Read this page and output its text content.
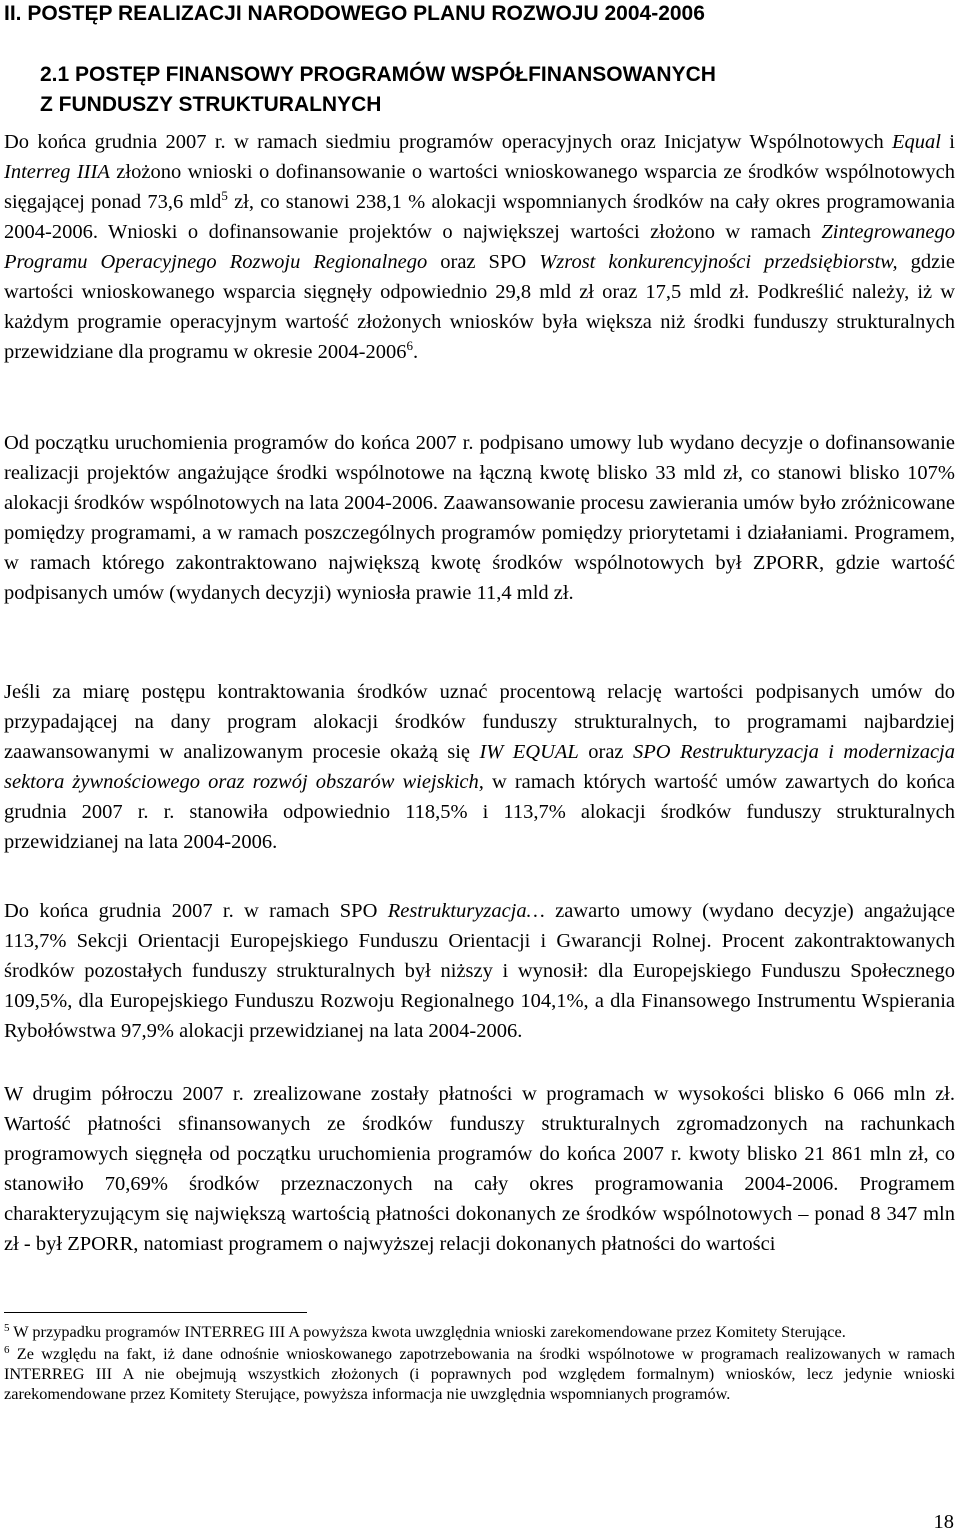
II. POSTĘP REALIZACJI NARODOWEGO PLANU ROZWOJU 2004-2006
2.1 POSTĘP FINANSOWY PROGRAMÓW WSPÓŁFINANSOWANYCH
Z FUNDUSZY STRUKTURALNYCH

Do końca grudnia 2007 r. w ramach siedmiu programów operacyjnych oraz Inicjatyw Wspólnotowych Equal i Interreg IIIA złożono wnioski o dofinansowanie o wartości wnioskowanego wsparcia ze środków wspólnotowych sięgającej ponad 73,6 mld$^5$ zł, co stanowi 238,1 % alokacji wspomnianych środków na cały okres programowania 2004-2006. Wnioski o dofinansowanie projektów o największej wartości złożono w ramach Zintegrowanego Programu Operacyjnego Rozwoju Regionalnego oraz SPO Wzrost konkurencyjności przedsiębiorstw, gdzie wartości wnioskowanego wsparcia sięgnęły odpowiednio 29,8 mld zł oraz 17,5 mld zł. Podkreślić należy, iż w każdym programie operacyjnym wartość złożonych wniosków była większa niż środki funduszy strukturalnych przewidziane dla programu w okresie 2004-2006$^6$.

Od początku uruchomienia programów do końca 2007 r. podpisano umowy lub wydano decyzje o dofinansowanie realizacji projektów angażujące środki wspólnotowe na łączną kwotę blisko 33 mld zł, co stanowi blisko 107% alokacji środków wspólnotowych na lata 2004-2006. Zaawansowanie procesu zawierania umów było zróżnicowane pomiędzy programami, a w ramach poszczególnych programów pomiędzy priorytetami i działaniami. Programem, w ramach którego zakontraktowano największą kwotę środków wspólnotowych był ZPORR, gdzie wartość podpisanych umów (wydanych decyzji) wyniosła prawie 11,4 mld zł.

Jeśli za miarę postępu kontraktowania środków uznać procentową relację wartości podpisanych umów do przypadającej na dany program alokacji środków funduszy strukturalnych, to programami najbardziej zaawansowanymi w analizowanym procesie okażą się IW EQUAL oraz SPO Restrukturyzacja i modernizacja sektora żywnościowego oraz rozwój obszarów wiejskich, w ramach których wartość umów zawartych do końca grudnia 2007 r. r. stanowiła odpowiednio 118,5% i 113,7% alokacji środków funduszy strukturalnych przewidzianej na lata 2004-2006.

Do końca grudnia 2007 r. w ramach SPO Restrukturyzacja… zawarto umowy (wydano decyzje) angażujące 113,7% Sekcji Orientacji Europejskiego Funduszu Orientacji i Gwarancji Rolnej. Procent zakontraktowanych środków pozostałych funduszy strukturalnych był niższy i wynosił: dla Europejskiego Funduszu Społecznego 109,5%, dla Europejskiego Funduszu Rozwoju Regionalnego 104,1%, a dla Finansowego Instrumentu Wspierania Rybołówstwa 97,9% alokacji przewidzianej na lata 2004-2006.

W drugim półroczu 2007 r. zrealizowane zostały płatności w programach w wysokości blisko 6 066 mln zł. Wartość płatności sfinansowanych ze środków funduszy strukturalnych zgromadzonych na rachunkach programowych sięgnęła od początku uruchomienia programów do końca 2007 r. kwoty blisko 21 861 mln zł, co stanowiło 70,69% środków przeznaczonych na cały okres programowania 2004-2006. Programem charakteryzującym się największą wartością płatności dokonanych ze środków wspólnotowych – ponad 8 347 mln zł - był ZPORR, natomiast programem o najwyższej relacji dokonanych płatności do wartości

$^5$ W przypadku programów INTERREG III A powyższa kwota uwzględnia wnioski zarekomendowane przez Komitety Sterujące.

$^6$ Ze względu na fakt, iż dane odnośnie wnioskowanego zapotrzebowania na środki wspólnotowe w programach realizowanych w ramach INTERREG III A nie obejmują wszystkich złożonych (i poprawnych pod względem formalnym) wniosków, lecz jedynie wnioski zarekomendowane przez Komitety Sterujące, powyższa informacja nie uwzględnia wspomnianych programów.

18
